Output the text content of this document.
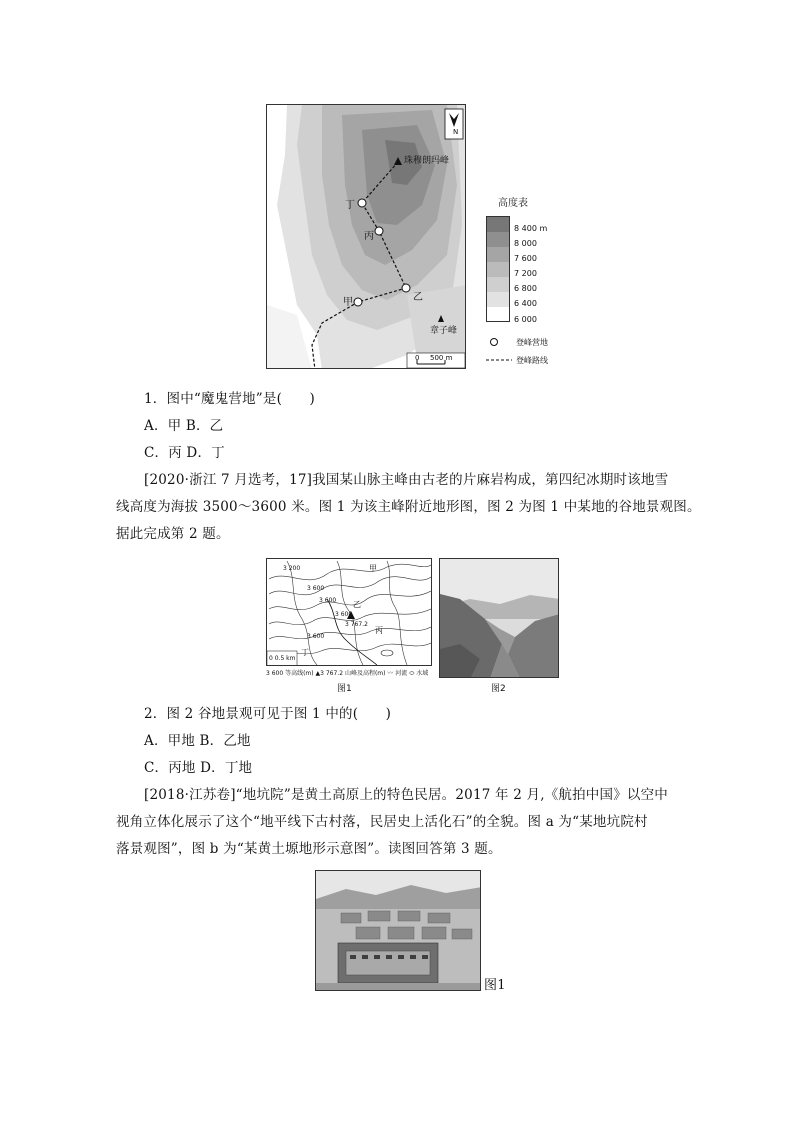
N
珠穆朗玛峰
丁
丙
乙
甲
章子峰
0 500 m
高度表
8 400 m
8 000
7 600
7 200
6 800
6 400
6 000
登峰营地
登峰路线
1．图中“魔鬼营地”是(　　)
A．甲 B．乙
C．丙 D．丁
[2020·浙江 7 月选考，17]我国某山脉主峰由古老的片麻岩构成，第四纪冰期时该地雪
线高度为海拔 3500～3600 米。图 1 为该主峰附近地形图，图 2 为图 1 中某地的谷地景观图。
据此完成第 2 题。
3 200
3 600
3 600
3 600
3 600
3 767.2
甲
乙
丙
丁
0 0.5 km
3 600 等高线(m) ▲3 767.2 山峰及高程(m) 〰 河流 ⬭ 水域
图1	图2
2．图 2 谷地景观可见于图 1 中的(　　)
A．甲地 B．乙地
C．丙地 D．丁地
[2018·江苏卷]“地坑院”是黄土高原上的特色民居。2017 年 2 月,《航拍中国》以空中
视角立体化展示了这个“地平线下古村落，民居史上活化石”的全貌。图 a 为“某地坑院村
落景观图”，图 b 为“某黄土塬地形示意图”。读图回答第 3 题。
图1
